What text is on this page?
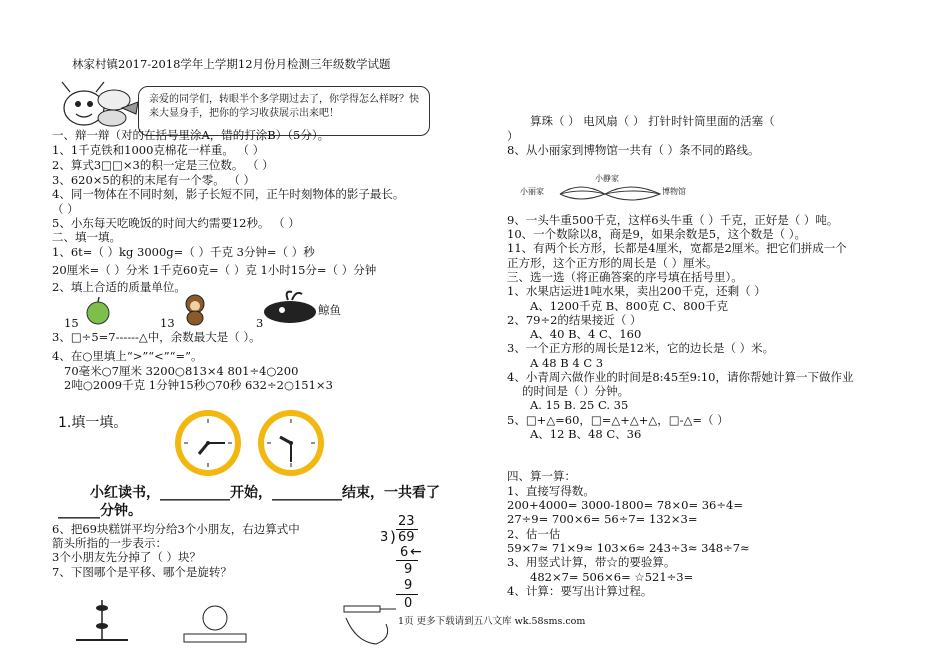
林家村镇2017-2018学年上学期12月份月检测三年级数学试题
亲爱的同学们，转眼半个多学期过去了，你学得怎么样呀？快来大显身手，把你的学习收获展示出来吧！
一、辩一辩（对的在括号里涂A，错的打涂B）（5分）。
1、1千克铁和1000克棉花一样重。 （ ）
2、算式3□□×3的积一定是三位数。 （ ）
3、620×5的积的末尾有一个零。 （ ）
4、同一物体在不同时刻，影子长短不同，正午时刻物体的影子最长。
（ ）
5、小东每天吃晚饭的时间大约需要12秒。 （ ）
二、填一填。
1、6t=（ ）kg 3000g=（ ）千克 3分钟=（ ）秒
20厘米=（ ）分米 1千克60克=（ ）克 1小时15分=（ ）分钟
2、填上合适的质量单位。
15	13	3
鲸鱼
3、□÷5=7------△中，余数最大是（ ）。
4、在○里填上“>”“<”“=”。
70毫米○7厘米 3200○813×4 801÷4○200
2吨○2009千克 1分钟15秒○70秒 632÷2○151×3
1.填一填。
小红读书，__________开始，__________结束，一共看了
______分钟。
6、把69块糕饼平均分给3个小朋友，右边算式中
箭头所指的一步表示：
3个小朋友先分掉了（ ）块？
7、下图哪个是平移、哪个是旋转？
23
3 ) 69
6 ←
9
9
0
算珠（ ） 电风扇（ ） 打针时针筒里面的活塞（
）
8、从小丽家到博物馆一共有（ ）条不同的路线。
小丽家
小静家
博物馆
9、一头牛重500千克，这样6头牛重（ ）千克，正好是（ ）吨。
10、一个数除以8，商是9，如果余数是5，这个数是（ ）。
11、有两个长方形，长都是4厘米，宽都是2厘米。把它们拼成一个
正方形，这个正方形的周长是（ ）厘米。
三、选一选（将正确答案的序号填在括号里）。
1、水果店运进1吨水果，卖出200千克，还剩（ ）
A、1200千克 B、800克 C、800千克
2、79÷2的结果接近（ ）
A、40 B、4 C、160
3、一个正方形的周长是12米，它的边长是（ ）米。
A 48 B 4 C 3
4、小青周六做作业的时间是8:45至9:10，请你帮她计算一下做作业
的时间是（ ）分钟。
A. 15 B. 25 C. 35
5、□+△=60，□=△+△+△，□-△=（ ）
A、12 B、48 C、36
四、算一算：
1、直接写得数。
200+4000= 3000-1800= 78×0= 36÷4=
27÷9= 700×6= 56÷7= 132×3=
2、估一估
59×7≈ 71×9≈ 103×6≈ 243÷3≈ 348÷7≈
3、用竖式计算，带☆的要验算。
482×7= 506×6= ☆521÷3=
4、计算：要写出计算过程。
1页 更多下载请到五八文库 wk.58sms.com
